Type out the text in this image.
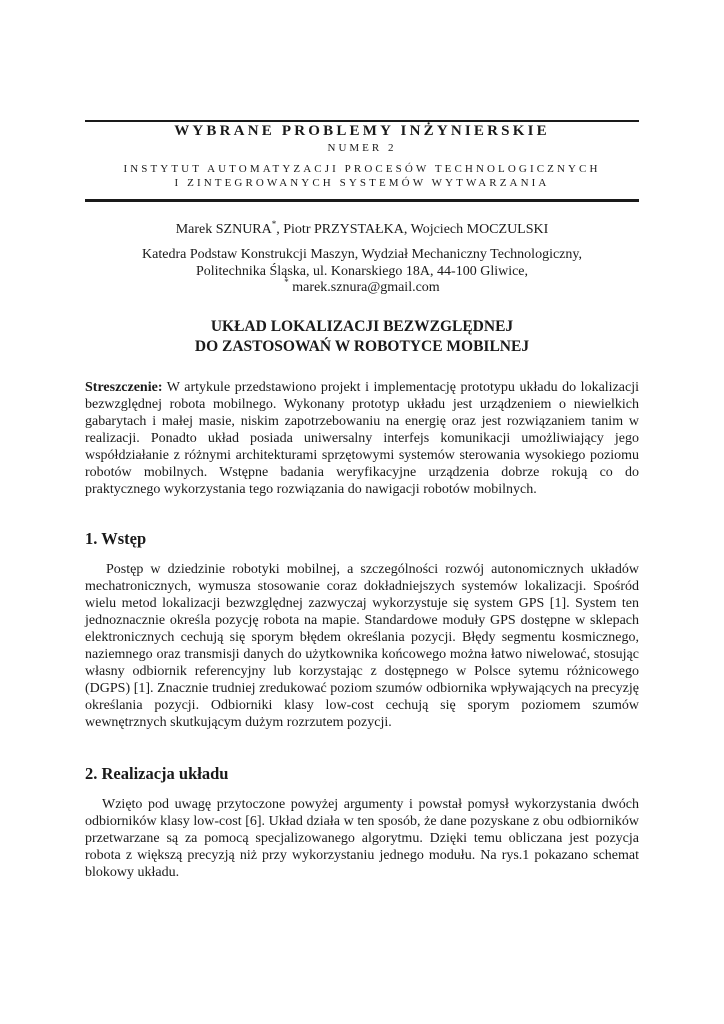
WYBRANE PROBLEMY INŻYNIERSKIE
NUMER 2
INSTYTUT AUTOMATYZACJI PROCESÓW TECHNOLOGICZNYCH
I ZINTEGROWANYCH SYSTEMÓW WYTWARZANIA
Marek SZNURA*, Piotr PRZYSTAŁKA, Wojciech MOCZULSKI
Katedra Podstaw Konstrukcji Maszyn, Wydział Mechaniczny Technologiczny,
Politechnika Śląska, ul. Konarskiego 18A, 44-100 Gliwice,
* marek.sznura@gmail.com
UKŁAD LOKALIZACJI BEZWZGLĘDNEJ
DO ZASTOSOWAŃ W ROBOTYCE MOBILNEJ

Streszczenie: W artykule przedstawiono projekt i implementację prototypu układu do lokalizacji bezwzględnej robota mobilnego. Wykonany prototyp układu jest urządzeniem o niewielkich gabarytach i małej masie, niskim zapotrzebowaniu na energię oraz jest rozwiązaniem tanim w realizacji. Ponadto układ posiada uniwersalny interfejs komunikacji umożliwiający jego współdziałanie z różnymi architekturami sprzętowymi systemów sterowania wysokiego poziomu robotów mobilnych. Wstępne badania weryfikacyjne urządzenia dobrze rokują co do praktycznego wykorzystania tego rozwiązania do nawigacji robotów mobilnych.

1. Wstęp

Postęp w dziedzinie robotyki mobilnej, a szczególności rozwój autonomicznych układów mechatronicznych, wymusza stosowanie coraz dokładniejszych systemów lokalizacji. Spośród wielu metod lokalizacji bezwzględnej zazwyczaj wykorzystuje się system GPS [1]. System ten jednoznacznie określa pozycję robota na mapie. Standardowe moduły GPS dostępne w sklepach elektronicznych cechują się sporym błędem określania pozycji. Błędy segmentu kosmicznego, naziemnego oraz transmisji danych do użytkownika końcowego można łatwo niwelować, stosując własny odbiornik referencyjny lub korzystając z dostępnego w Polsce sytemu różnicowego (DGPS) [1]. Znacznie trudniej zredukować poziom szumów odbiornika wpływających na precyzję określania pozycji. Odbiorniki klasy low-cost cechują się sporym poziomem szumów wewnętrznych skutkującym dużym rozrzutem pozycji.

2. Realizacja układu

Wzięto pod uwagę przytoczone powyżej argumenty i powstał pomysł wykorzystania dwóch odbiorników klasy low-cost [6]. Układ działa w ten sposób, że dane pozyskane z obu odbiorników przetwarzane są za pomocą specjalizowanego algorytmu. Dzięki temu obliczana jest pozycja robota z większą precyzją niż przy wykorzystaniu jednego modułu. Na rys.1 pokazano schemat blokowy układu.
